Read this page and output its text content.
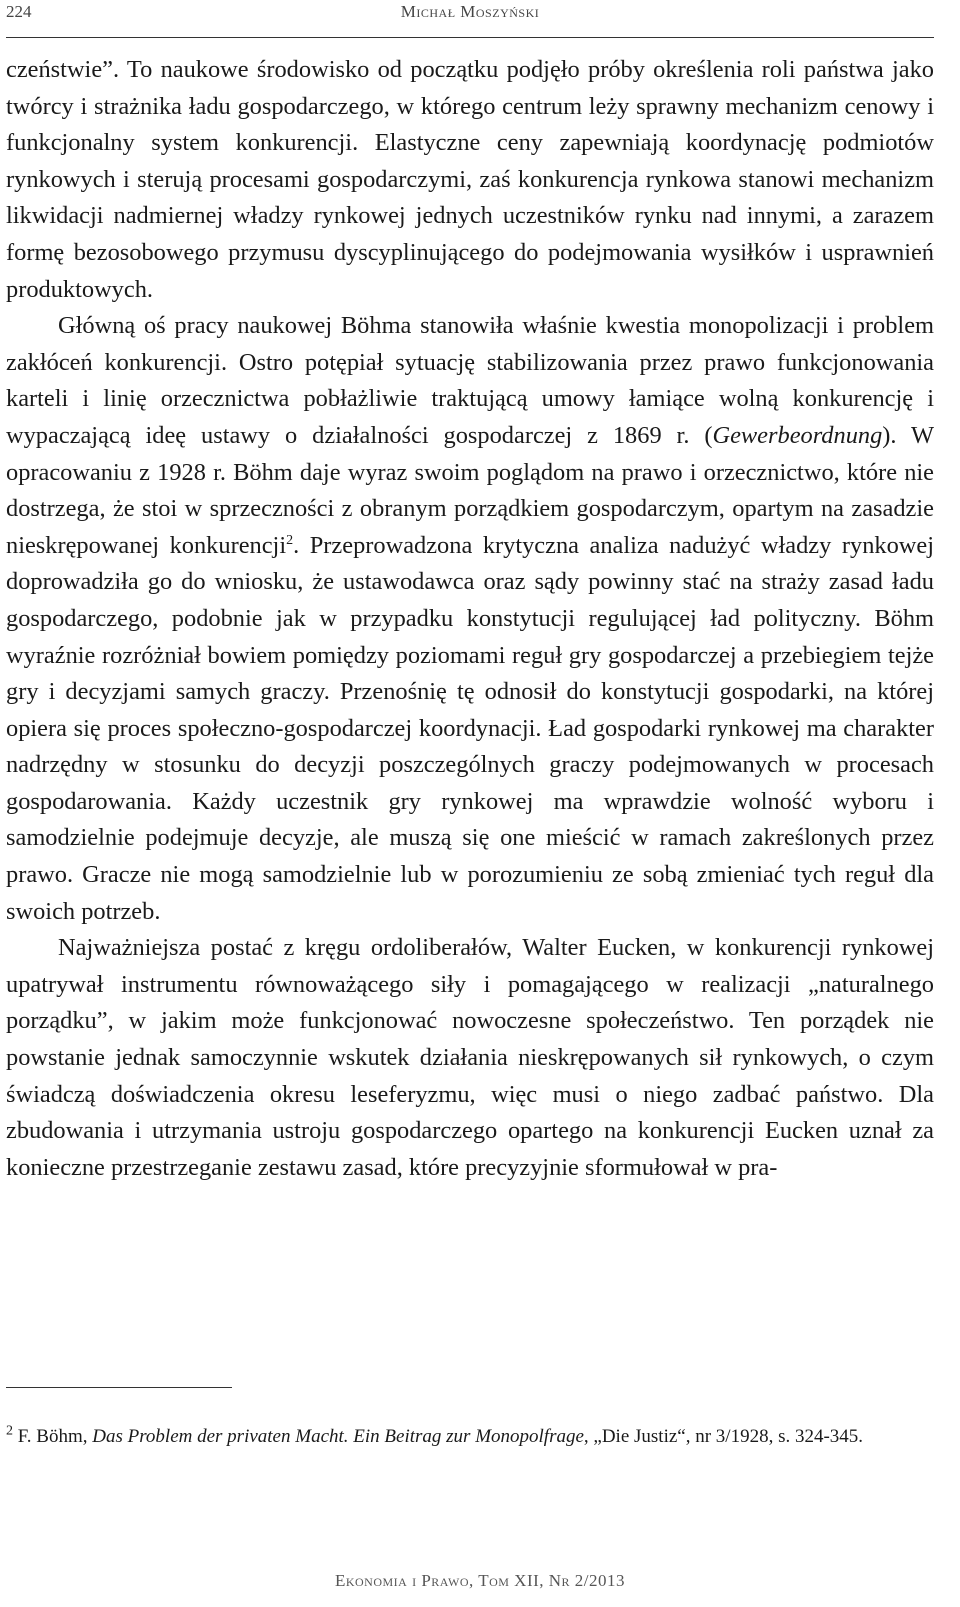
224	Michał Moszyński

czeństwie”. To naukowe środowisko od początku podjęło próby określenia roli państwa jako twórcy i strażnika ładu gospodarczego, w którego centrum leży sprawny mechanizm cenowy i funkcjonalny system konkurencji. Elastyczne ceny zapewniają koordynację podmiotów rynkowych i sterują procesami gospodarczymi, zaś konkurencja rynkowa stanowi mechanizm likwidacji nadmiernej władzy rynkowej jednych uczestników rynku nad innymi, a zarazem formę bezosobowego przymusu dyscyplinującego do podejmowania wysiłków i usprawnień produktowych.

Główną oś pracy naukowej Böhma stanowiła właśnie kwestia monopolizacji i problem zakłóceń konkurencji. Ostro potępiał sytuację stabilizowania przez prawo funkcjonowania karteli i linię orzecznictwa pobłażliwie traktującą umowy łamiące wolną konkurencję i wypaczającą ideę ustawy o działalności gospodarczej z 1869 r. (Gewerbeordnung). W opracowaniu z 1928 r. Böhm daje wyraz swoim poglądom na prawo i orzecznictwo, które nie dostrzega, że stoi w sprzeczności z obranym porządkiem gospodarczym, opartym na zasadzie nieskrępowanej konkurencji$^2$. Przeprowadzona krytyczna analiza nadużyć władzy rynkowej doprowadziła go do wniosku, że ustawodawca oraz sądy powinny stać na straży zasad ładu gospodarczego, podobnie jak w przypadku konstytucji regulującej ład polityczny. Böhm wyraźnie rozróżniał bowiem pomiędzy poziomami reguł gry gospodarczej a przebiegiem tejże gry i decyzjami samych graczy. Przenośnię tę odnosił do konstytucji gospodarki, na której opiera się proces społeczno-gospodarczej koordynacji. Ład gospodarki rynkowej ma charakter nadrzędny w stosunku do decyzji poszczególnych graczy podejmowanych w procesach gospodarowania. Każdy uczestnik gry rynkowej ma wprawdzie wolność wyboru i samodzielnie podejmuje decyzje, ale muszą się one mieścić w ramach zakreślonych przez prawo. Gracze nie mogą samodzielnie lub w porozumieniu ze sobą zmieniać tych reguł dla swoich potrzeb.

Najważniejsza postać z kręgu ordoliberałów, Walter Eucken, w konkurencji rynkowej upatrywał instrumentu równoważącego siły i pomagającego w realizacji „naturalnego porządku”, w jakim może funkcjonować nowoczesne społeczeństwo. Ten porządek nie powstanie jednak samoczynnie wskutek działania nieskrępowanych sił rynkowych, o czym świadczą doświadczenia okresu leseferyzmu, więc musi o niego zadbać państwo. Dla zbudowania i utrzymania ustroju gospodarczego opartego na konkurencji Eucken uznał za konieczne przestrzeganie zestawu zasad, które precyzyjnie sformułował w pra-

$^2$ F. Böhm, Das Problem der privaten Macht. Ein Beitrag zur Monopolfrage, „Die Justiz“, nr 3/1928, s. 324-345.
Ekonomia i Prawo, Tom XII, Nr 2/2013
